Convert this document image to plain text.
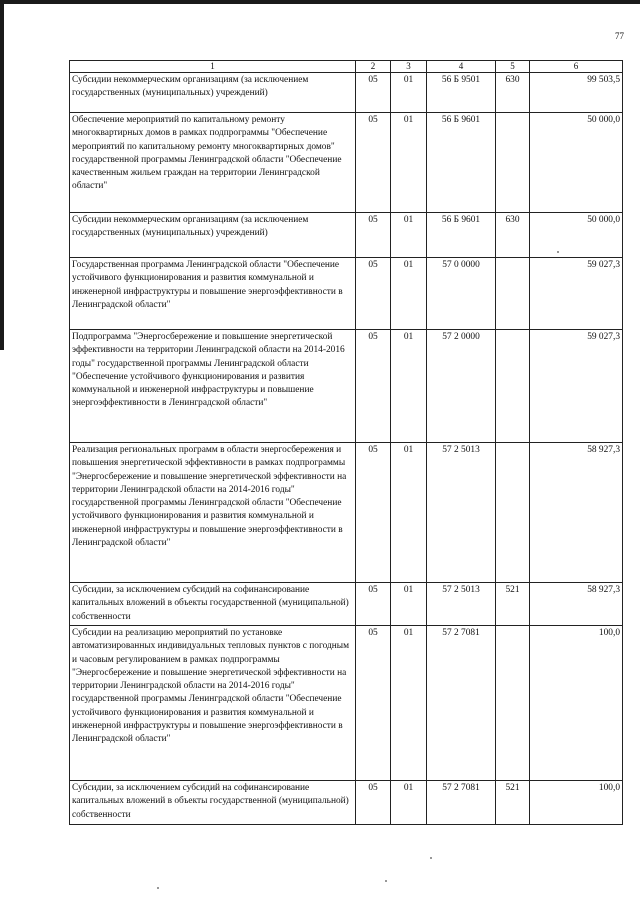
77
1	2	3	4	5	6
Субсидии некоммерческим организациям (за исключением государственных (муниципальных) учреждений)	05	01	56 Б 9501	630	99 503,5
Обеспечение мероприятий по капитальному ремонту многоквартирных домов в рамках подпрограммы "Обеспечение мероприятий по капитальному ремонту многоквартирных домов" государственной программы Ленинградской области "Обеспечение качественным жильем граждан на территории Ленинградской области"	05	01	56 Б 9601		50 000,0
Субсидии некоммерческим организациям (за исключением государственных (муниципальных) учреждений)	05	01	56 Б 9601	630	50 000,0
Государственная программа Ленинградской области "Обеспечение устойчивого функционирования и развития коммунальной и инженерной инфраструктуры и повышение энергоэффективности в Ленинградской области"	05	01	57 0 0000		59 027,3
Подпрограмма "Энергосбережение и повышение энергетической эффективности на территории Ленинградской области на 2014-2016 годы" государственной программы Ленинградской области "Обеспечение устойчивого функционирования и развития коммунальной и инженерной инфраструктуры и повышение энергоэффективности в Ленинградской области"	05	01	57 2 0000		59 027,3
Реализация региональных программ в области энергосбережения и повышения энергетической эффективности в рамках подпрограммы "Энергосбережение и повышение энергетической эффективности на территории Ленинградской области на 2014-2016 годы" государственной программы Ленинградской области "Обеспечение устойчивого функционирования и развития коммунальной и инженерной инфраструктуры и повышение энергоэффективности в Ленинградской области"	05	01	57 2 5013		58 927,3
Субсидии, за исключением субсидий на софинансирование капитальных вложений в объекты государственной (муниципальной) собственности	05	01	57 2 5013	521	58 927,3
Субсидии на реализацию мероприятий по установке автоматизированных индивидуальных тепловых пунктов с погодным и часовым регулированием в рамках подпрограммы "Энергосбережение и повышение энергетической эффективности на территории Ленинградской области на 2014-2016 годы" государственной программы Ленинградской области "Обеспечение устойчивого функционирования и развития коммунальной и инженерной инфраструктуры и повышение энергоэффективности в Ленинградской области"	05	01	57 2 7081		100,0
Субсидии, за исключением субсидий на софинансирование капитальных вложений в объекты государственной (муниципальной) собственности	05	01	57 2 7081	521	100,0
